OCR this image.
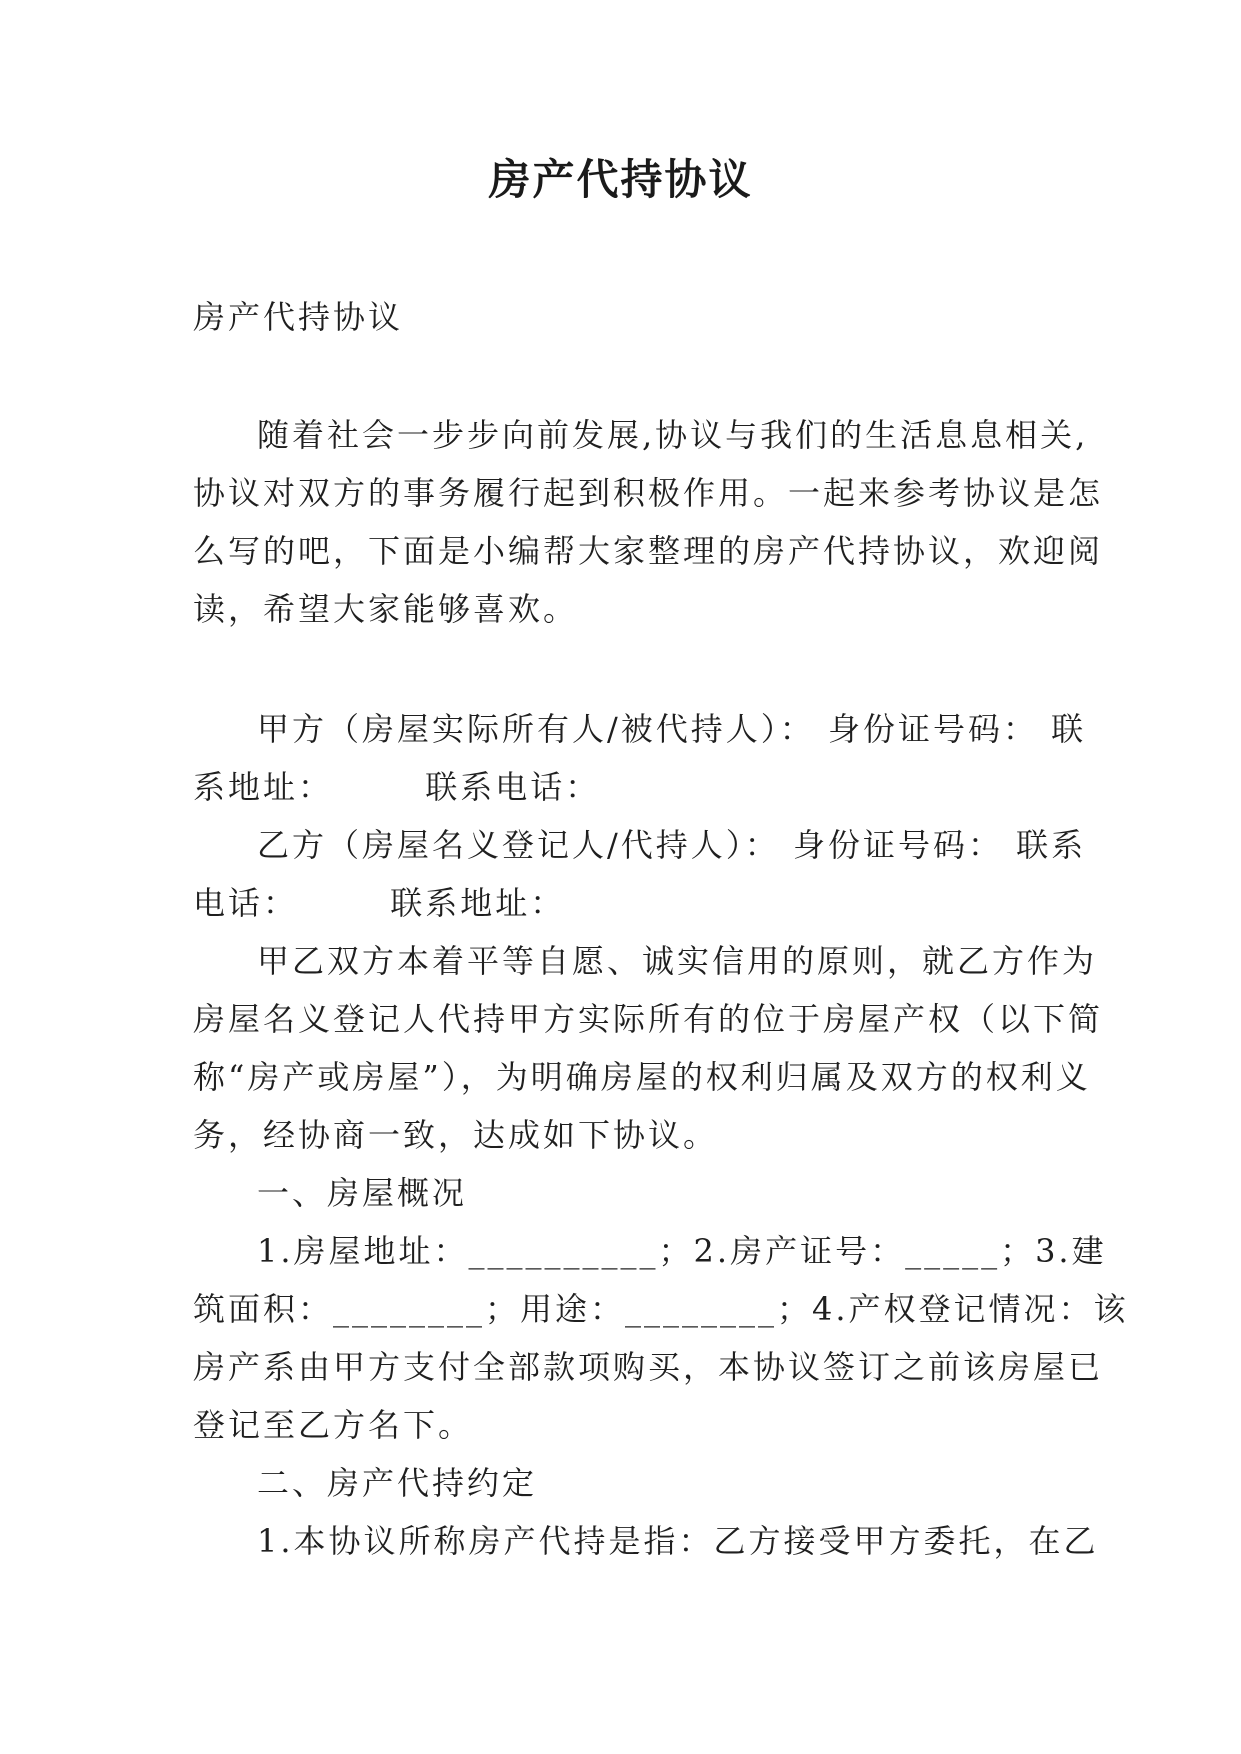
房产代持协议
房产代持协议
随着社会一步步向前发展,协议与我们的生活息息相关,
协议对双方的事务履行起到积极作用。一起来参考协议是怎
么写的吧，下面是小编帮大家整理的房产代持协议，欢迎阅
读，希望大家能够喜欢。
甲方（房屋实际所有人/被代持人）： 身份证号码： 联
系地址：       联系电话：
乙方（房屋名义登记人/代持人）： 身份证号码： 联系
电话：       联系地址：
甲乙双方本着平等自愿、诚实信用的原则，就乙方作为
房屋名义登记人代持甲方实际所有的位于房屋产权（以下简
称“房产或房屋”），为明确房屋的权利归属及双方的权利义
务，经协商一致，达成如下协议。
一、房屋概况
1.房屋地址：__________；2.房产证号：_____；3.建
筑面积：________；用途：________；4.产权登记情况：该
房产系由甲方支付全部款项购买，本协议签订之前该房屋已
登记至乙方名下。
二、房产代持约定
1.本协议所称房产代持是指：乙方接受甲方委托，在乙
